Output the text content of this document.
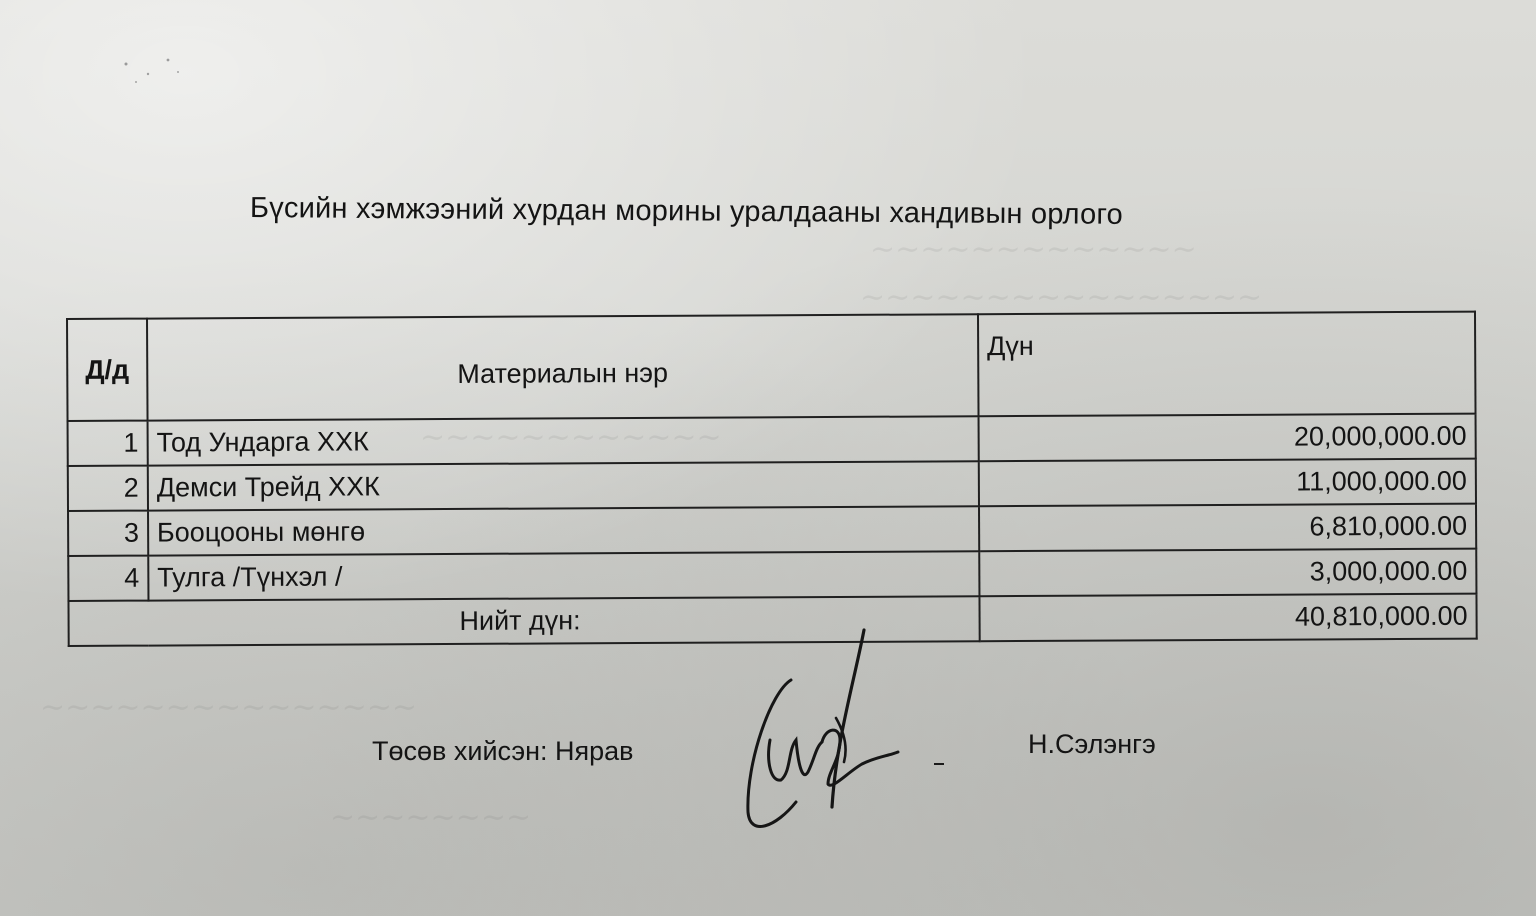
∼∼∼∼∼∼∼∼∼∼∼∼∼
∼∼∼∼∼∼∼∼∼∼∼∼∼∼∼∼
∼∼∼∼∼∼∼∼∼∼∼∼
∼∼∼∼∼∼∼∼∼∼∼∼∼∼∼
∼∼∼∼∼∼∼∼
Бүсийн хэмжээний хурдан морины уралдааны хандивын орлого
Д/д	Материалын нэр	Дүн
1	Тод Ундарга ХХК	20,000,000.00
2	Демси Трейд ХХК	11,000,000.00
3	Бооцооны мөнгө	6,810,000.00
4	Тулга /Түнхэл /	3,000,000.00
Нийт дүн:		40,810,000.00
Төсөв хийсэн: Нярав	Н.Сэлэнгэ
